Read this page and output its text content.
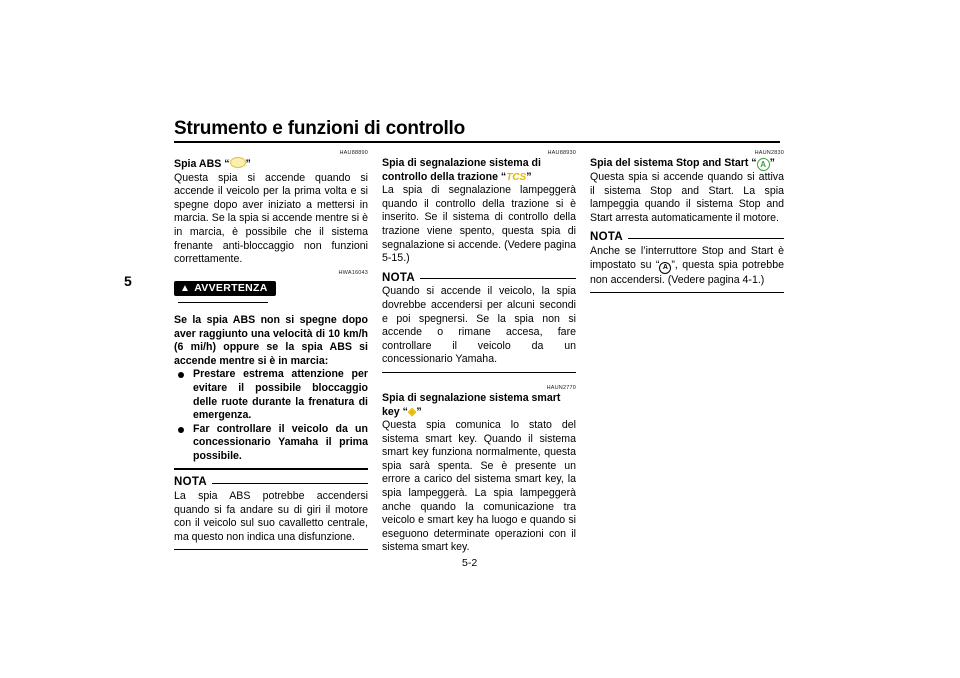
Strumento e funzioni di controllo
5
HAU88890
Spia ABS “ ”

Questa spia si accende quando si accende il veicolo per la prima volta e si spegne dopo aver iniziato a mettersi in marcia. Se la spia si accende mentre si è in marcia, è possibile che il sistema frenante anti-bloccaggio non funzioni correttamente.

HWA16043
▲ AVVERTENZA

Se la spia ABS non si spegne dopo aver raggiunto una velocità di 10 km/h (6 mi/h) oppure se la spia ABS si accende mentre si è in marcia:

Prestare estrema attenzione per evitare il possibile bloccaggio delle ruote durante la frenatura di emergenza.
Far controllare il veicolo da un concessionario Yamaha il prima possibile.
NOTA

La spia ABS potrebbe accendersi quando si fa andare su di giri il motore con il veicolo sul suo cavalletto centrale, ma questo non indica una disfunzione.

HAU88930
Spia di segnalazione sistema di controllo della trazione “TCS”

La spia di segnalazione lampeggerà quando il controllo della trazione si è inserito. Se il sistema di controllo della trazione viene spento, questa spia di segnalazione si accende. (Vedere pagina 5-15.)

NOTA

Quando si accende il veicolo, la spia dovrebbe accendersi per alcuni secondi e poi spegnersi. Se la spia non si accende o rimane accesa, fare controllare il veicolo da un concessionario Yamaha.

HAUN2770
Spia di segnalazione sistema smart key “◈”

Questa spia comunica lo stato del sistema smart key. Quando il sistema smart key funziona normalmente, questa spia sarà spenta. Se è presente un errore a carico del sistema smart key, la spia lampeggerà. La spia lampeggerà anche quando la comunicazione tra veicolo e smart key ha luogo e quando si eseguono determinate operazioni con il sistema smart key.

HAUN2830
Spia del sistema Stop and Start “ A ”

Questa spia si accende quando si attiva il sistema Stop and Start. La spia lampeggia quando il sistema Stop and Start arresta automaticamente il motore.

NOTA

Anche se l’interruttore Stop and Start è impostato su “ A ”, questa spia potrebbe non accendersi. (Vedere pagina 4-1.)

5-2
